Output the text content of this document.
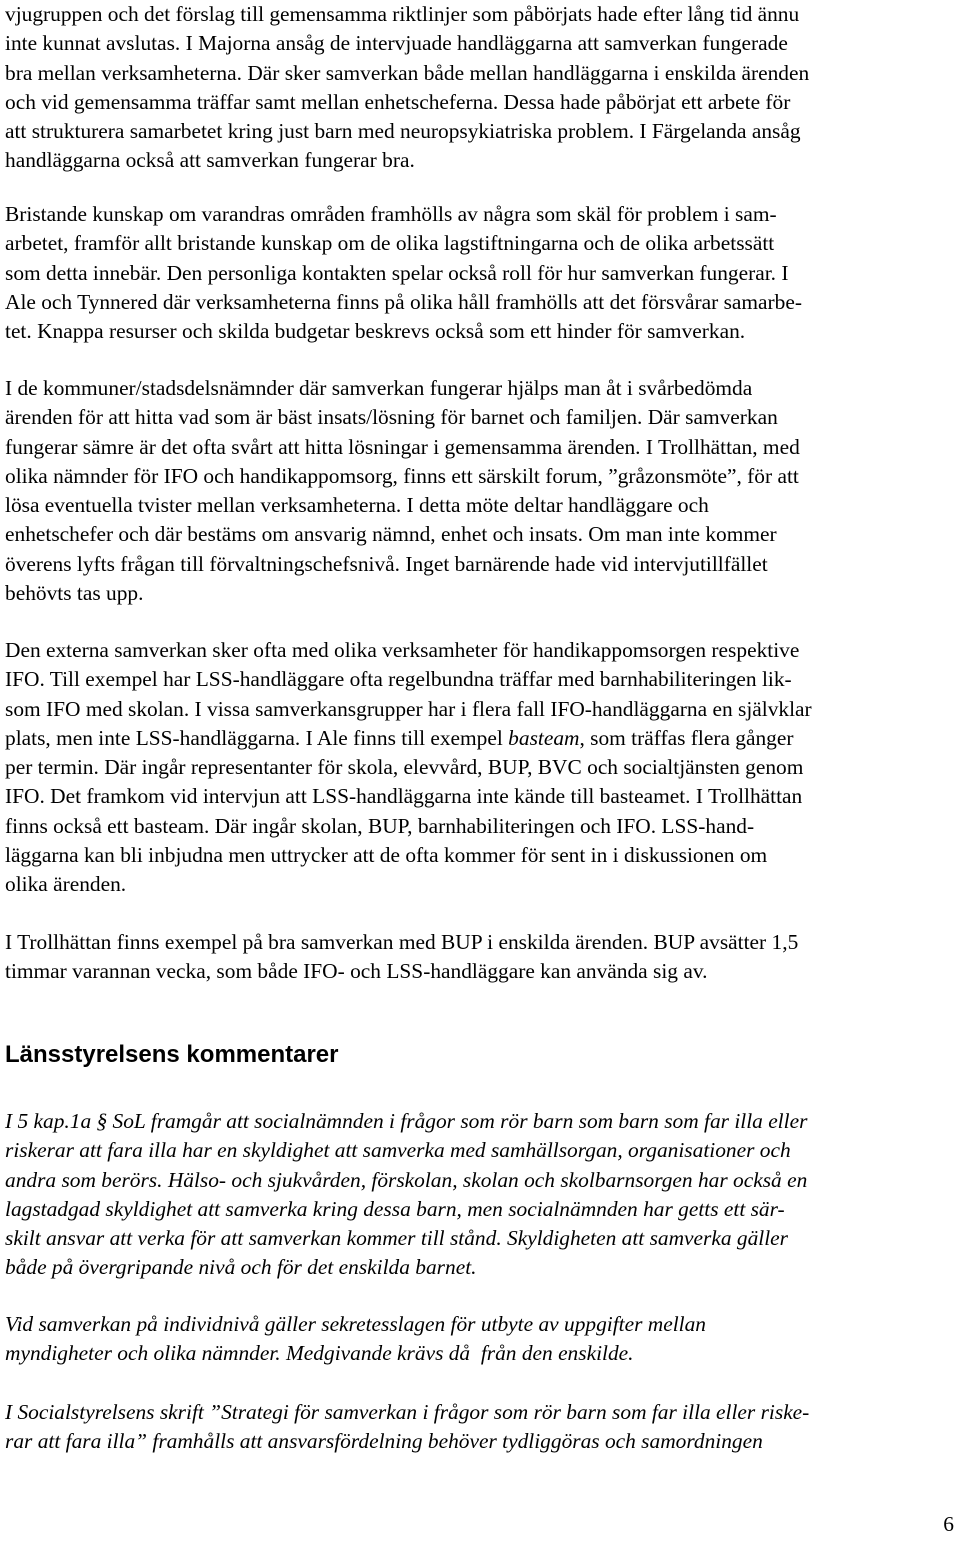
vjugruppen och det förslag till gemensamma riktlinjer som påbörjats hade efter lång tid ännu
inte kunnat avslutas. I Majorna ansåg de intervjuade handläggarna att samverkan fungerade
bra mellan verksamheterna. Där sker samverkan både mellan handläggarna i enskilda ärenden
och vid gemensamma träffar samt mellan enhetscheferna. Dessa hade påbörjat ett arbete för
att strukturera samarbetet kring just barn med neuropsykiatriska problem. I Färgelanda ansåg
handläggarna också att samverkan fungerar bra.

Bristande kunskap om varandras områden framhölls av några som skäl för problem i sam-
arbetet, framför allt bristande kunskap om de olika lagstiftningarna och de olika arbetssätt
som detta innebär. Den personliga kontakten spelar också roll för hur samverkan fungerar. I
Ale och Tynnered där verksamheterna finns på olika håll framhölls att det försvårar samarbe-
tet. Knappa resurser och skilda budgetar beskrevs också som ett hinder för samverkan.

I de kommuner/stadsdelsnämnder där samverkan fungerar hjälps man åt i svårbedömda
ärenden för att hitta vad som är bäst insats/lösning för barnet och familjen. Där samverkan
fungerar sämre är det ofta svårt att hitta lösningar i gemensamma ärenden. I Trollhättan, med
olika nämnder för IFO och handikappomsorg, finns ett särskilt forum, ”gråzonsmöte”, för att
lösa eventuella tvister mellan verksamheterna. I detta möte deltar handläggare och
enhetschefer och där bestäms om ansvarig nämnd, enhet och insats. Om man inte kommer
överens lyfts frågan till förvaltningschefsnivå. Inget barnärende hade vid intervjutillfället
behövts tas upp.

Den externa samverkan sker ofta med olika verksamheter för handikappomsorgen respektive
IFO. Till exempel har LSS-handläggare ofta regelbundna träffar med barnhabiliteringen lik-
som IFO med skolan. I vissa samverkansgrupper har i flera fall IFO-handläggarna en självklar
plats, men inte LSS-handläggarna. I Ale finns till exempel basteam, som träffas flera gånger
per termin. Där ingår representanter för skola, elevvård, BUP, BVC och socialtjänsten genom
IFO. Det framkom vid intervjun att LSS-handläggarna inte kände till basteamet. I Trollhättan
finns också ett basteam. Där ingår skolan, BUP, barnhabiliteringen och IFO. LSS-hand-
läggarna kan bli inbjudna men uttrycker att de ofta kommer för sent in i diskussionen om
olika ärenden.

I Trollhättan finns exempel på bra samverkan med BUP i enskilda ärenden. BUP avsätter 1,5
timmar varannan vecka, som både IFO- och LSS-handläggare kan använda sig av.

Länsstyrelsens kommentarer

I 5 kap.1a § SoL framgår att socialnämnden i frågor som rör barn som barn som far illa eller
riskerar att fara illa har en skyldighet att samverka med samhällsorgan, organisationer och
andra som berörs. Hälso- och sjukvården, förskolan, skolan och skolbarnsorgen har också en
lagstadgad skyldighet att samverka kring dessa barn, men socialnämnden har getts ett sär-
skilt ansvar att verka för att samverkan kommer till stånd. Skyldigheten att samverka gäller
både på övergripande nivå och för det enskilda barnet.

Vid samverkan på individnivå gäller sekretesslagen för utbyte av uppgifter mellan
myndigheter och olika nämnder. Medgivande krävs då  från den enskilde.

I Socialstyrelsens skrift ”Strategi för samverkan i frågor som rör barn som far illa eller riske-
rar att fara illa” framhålls att ansvarsfördelning behöver tydliggöras och samordningen

6
